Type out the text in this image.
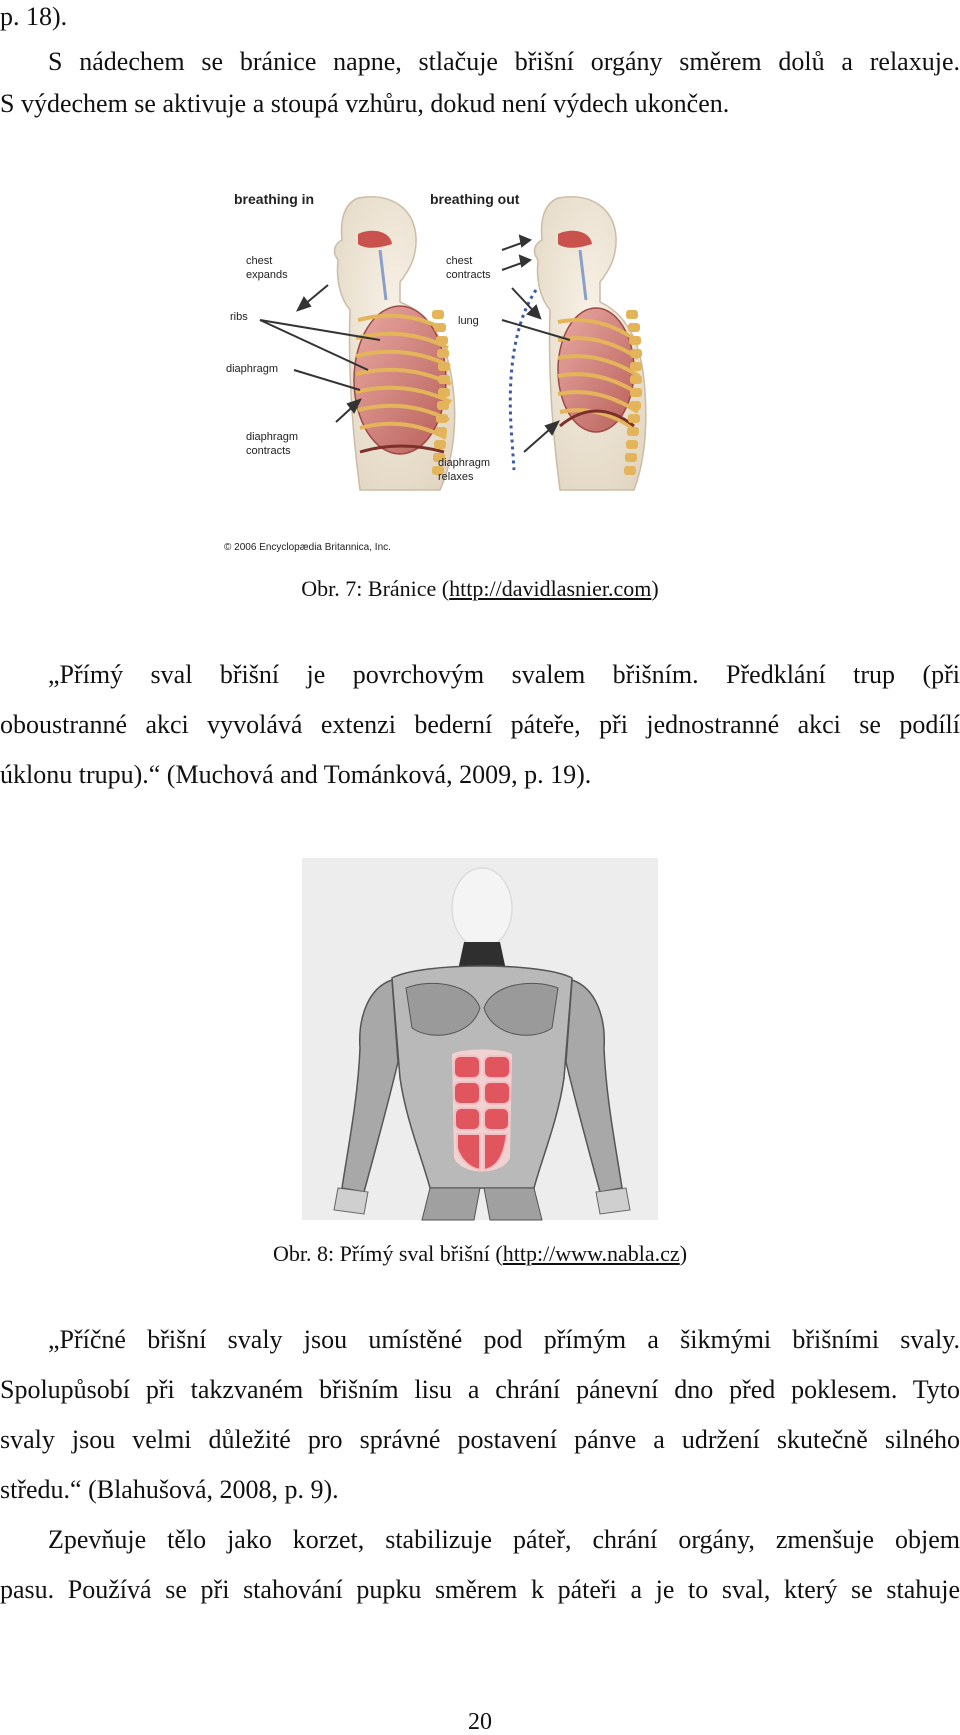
p. 18).
S nádechem se bránice napne, stlačuje břišní orgány směrem dolů a relaxuje.
S výdechem se aktivuje a stoupá vzhůru, dokud není výdech ukončen.
breathing in	breathing out
chest
expands
ribs
diaphragm
diaphragm
contracts
chest
contracts
lung
diaphragm
relaxes
© 2006 Encyclopædia Britannica, Inc.
Obr. 7: Bránice (http://davidlasnier.com)
„Přímý sval břišní je povrchovým svalem břišním. Předklání trup (při
oboustranné akci vyvolává extenzi bederní páteře, při jednostranné akci se podílí
úklonu trupu).“ (Muchová and Tománková, 2009, p. 19).
Obr. 8: Přímý sval břišní (http://www.nabla.cz)
„Příčné břišní svaly jsou umístěné pod přímým a šikmými břišními svaly.
Spolupůsobí při takzvaném břišním lisu a chrání pánevní dno před poklesem. Tyto
svaly jsou velmi důležité pro správné postavení pánve a udržení skutečně silného
středu.“ (Blahušová, 2008, p. 9).
Zpevňuje tělo jako korzet, stabilizuje páteř, chrání orgány, zmenšuje objem
pasu. Používá se při stahování pupku směrem k páteři a je to sval, který se stahuje
20
